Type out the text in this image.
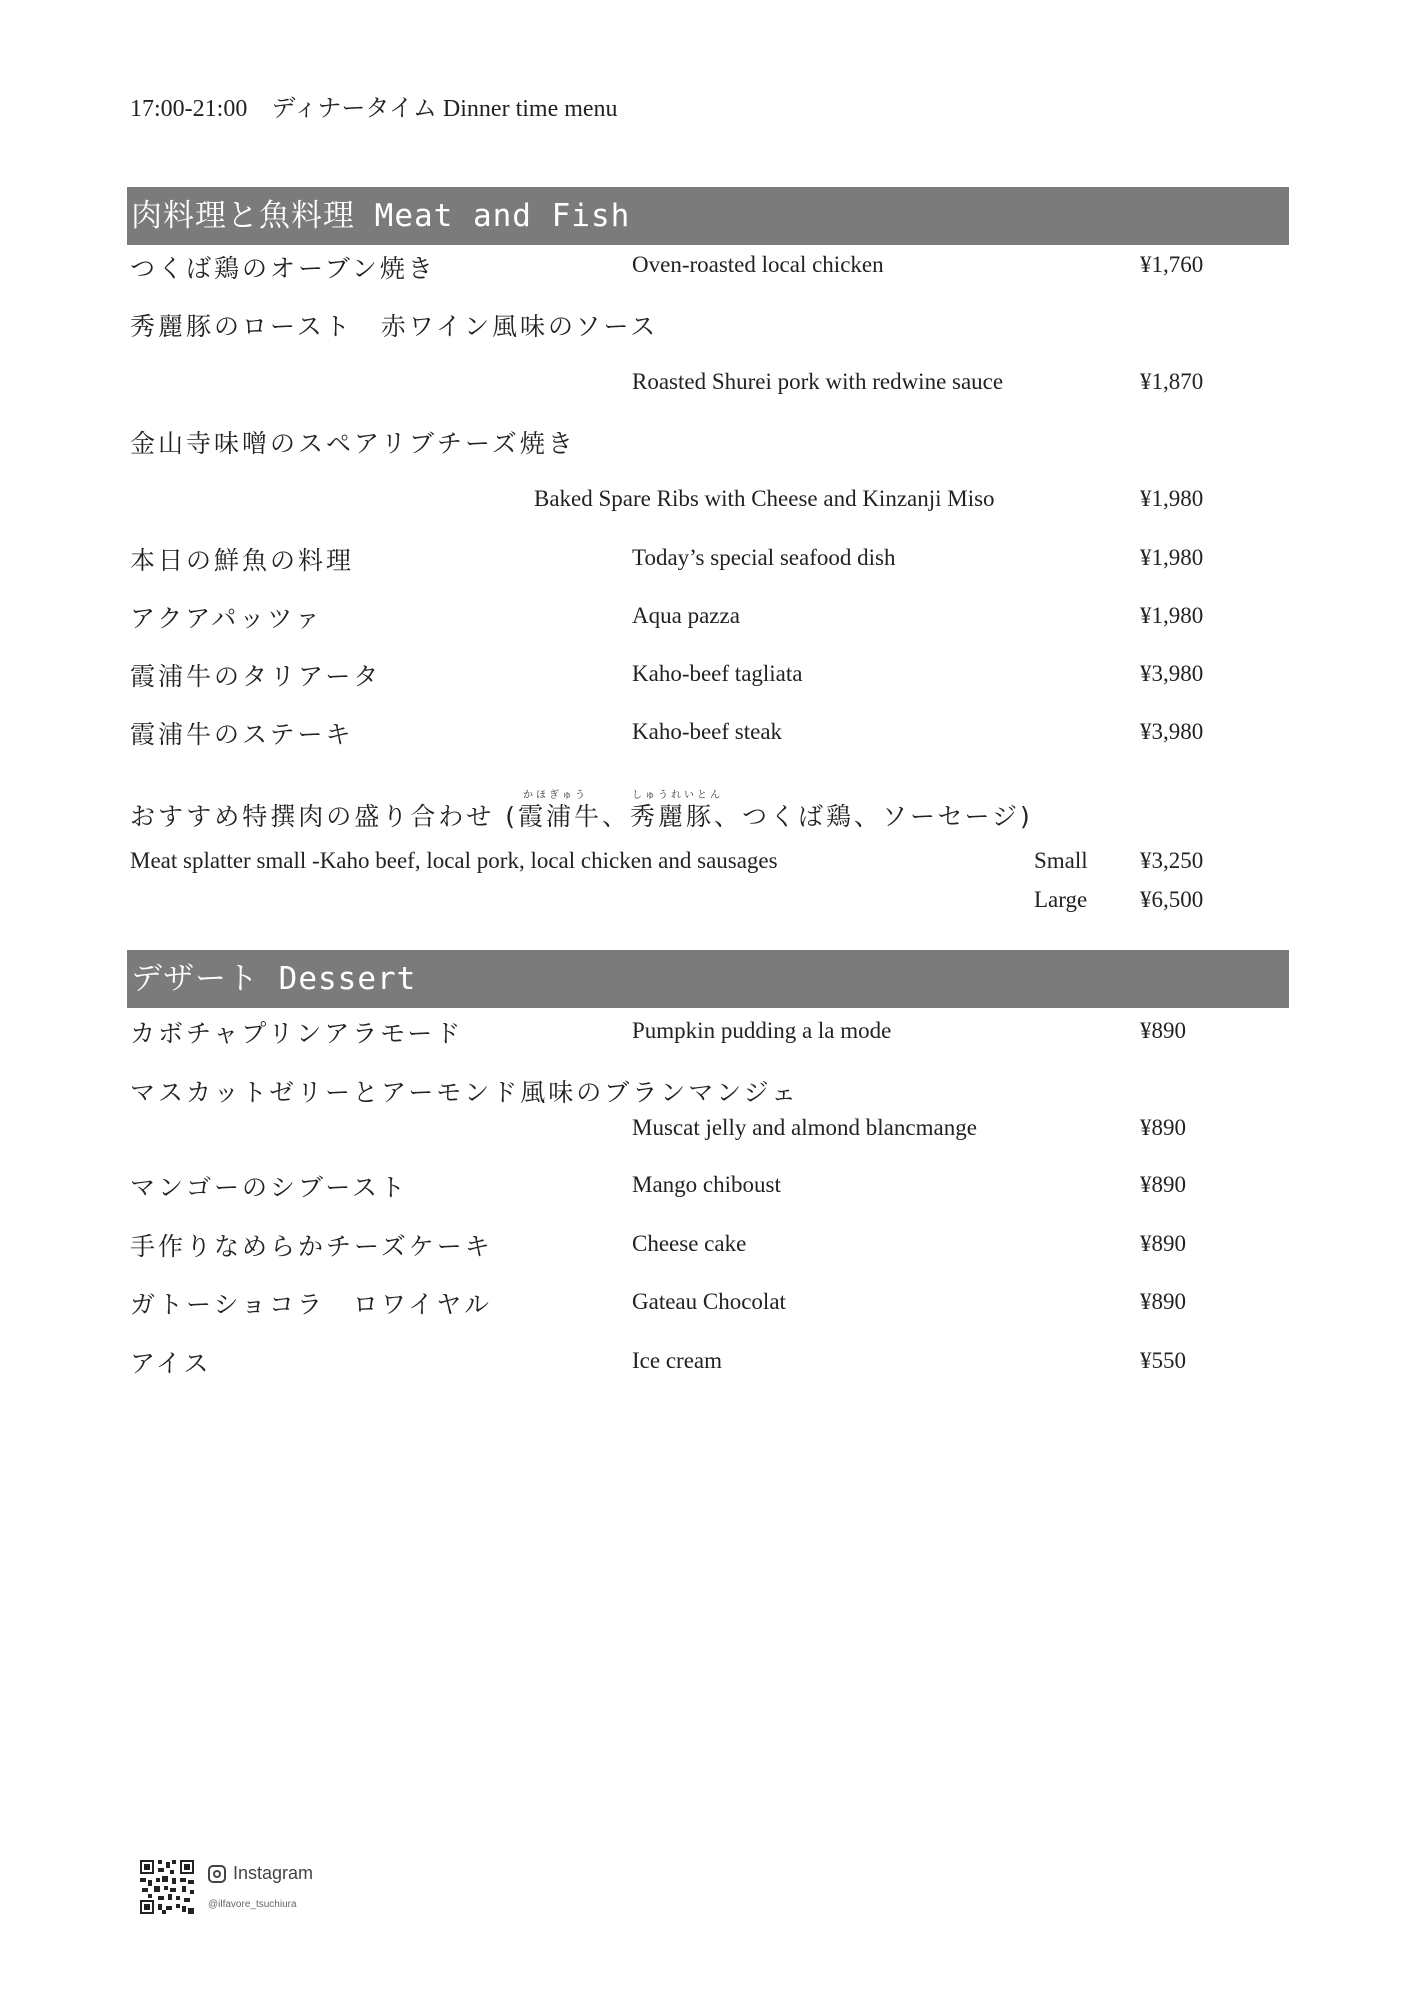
17:00-21:00　ディナータイム Dinner time menu
肉料理と魚料理 Meat and Fish
つくば鶏のオーブン焼き	Oven-roasted local chicken	¥1,760
秀麗豚のロースト　赤ワイン風味のソース
Roasted Shurei pork with redwine sauce	¥1,870
金山寺味噌のスペアリブチーズ焼き
Baked Spare Ribs with Cheese and Kinzanji Miso	¥1,980
本日の鮮魚の料理	Today’s special seafood dish	¥1,980
アクアパッツァ	Aqua pazza	¥1,980
霞浦牛のタリアータ	Kaho-beef tagliata	¥3,980
霞浦牛のステーキ	Kaho-beef steak	¥3,980
かほぎゅう	しゅうれいとん
おすすめ特撰肉の盛り合わせ (霞浦牛、秀麗豚、つくば鶏、ソーセージ)
Meat splatter small -Kaho beef, local pork, local chicken and sausages	Small ¥3,250
Large ¥6,500
デザート Dessert
カボチャプリンアラモード	Pumpkin pudding a la mode	¥890
マスカットゼリーとアーモンド風味のブランマンジェ
Muscat jelly and almond blancmange	¥890
マンゴーのシブースト	Mango chiboust	¥890
手作りなめらかチーズケーキ	Cheese cake	¥890
ガトーショコラ　ロワイヤル	Gateau Chocolat	¥890
アイス	Ice cream	¥550
Instagram
@ilfavore_tsuchiura
